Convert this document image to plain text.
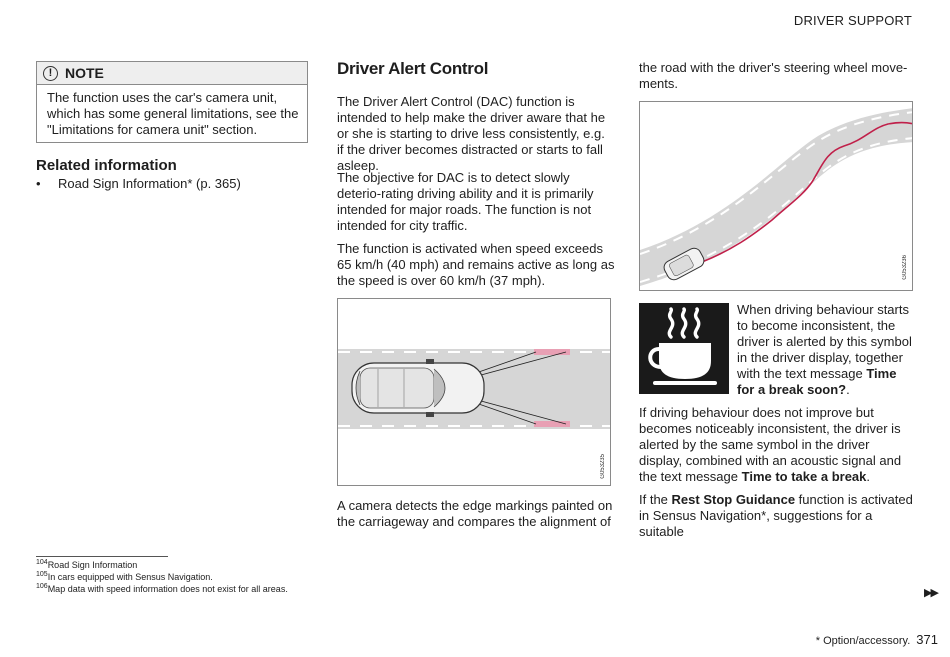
DRIVER SUPPORT
! NOTE

The function uses the car's camera unit, which has some general limitations, see the "Limitations for camera unit" section.

Related information
• Road Sign Information* (p. 365)
Driver Alert Control

The Driver Alert Control (DAC) function is intended to help make the driver aware that he or she is starting to drive less consistently, e.g. if the driver becomes distracted or starts to fall asleep.

The objective for DAC is to detect slowly deterio-rating driving ability and it is primarily intended for major roads. The function is not intended for city traffic.

The function is activated when speed exceeds 65 km/h (40 mph) and remains active as long as the speed is over 60 km/h (37 mph).

G053235

A camera detects the edge markings painted on the carriageway and compares the alignment of

the road with the driver's steering wheel move-ments.

G053236

When driving behaviour starts to become inconsistent, the driver is alerted by this symbol in the driver display, together with the text message Time for a break soon?.

If driving behaviour does not improve but becomes noticeably inconsistent, the driver is alerted by the same symbol in the driver display, combined with an acoustic signal and the text message Time to take a break.

If the Rest Stop Guidance function is activated in Sensus Navigation*, suggestions for a suitable

$^{104}$Road Sign Information
$^{105}$In cars equipped with Sensus Navigation.
$^{106}$Map data with speed information does not exist for all areas.	▶▶
* Option/accessory. 371
